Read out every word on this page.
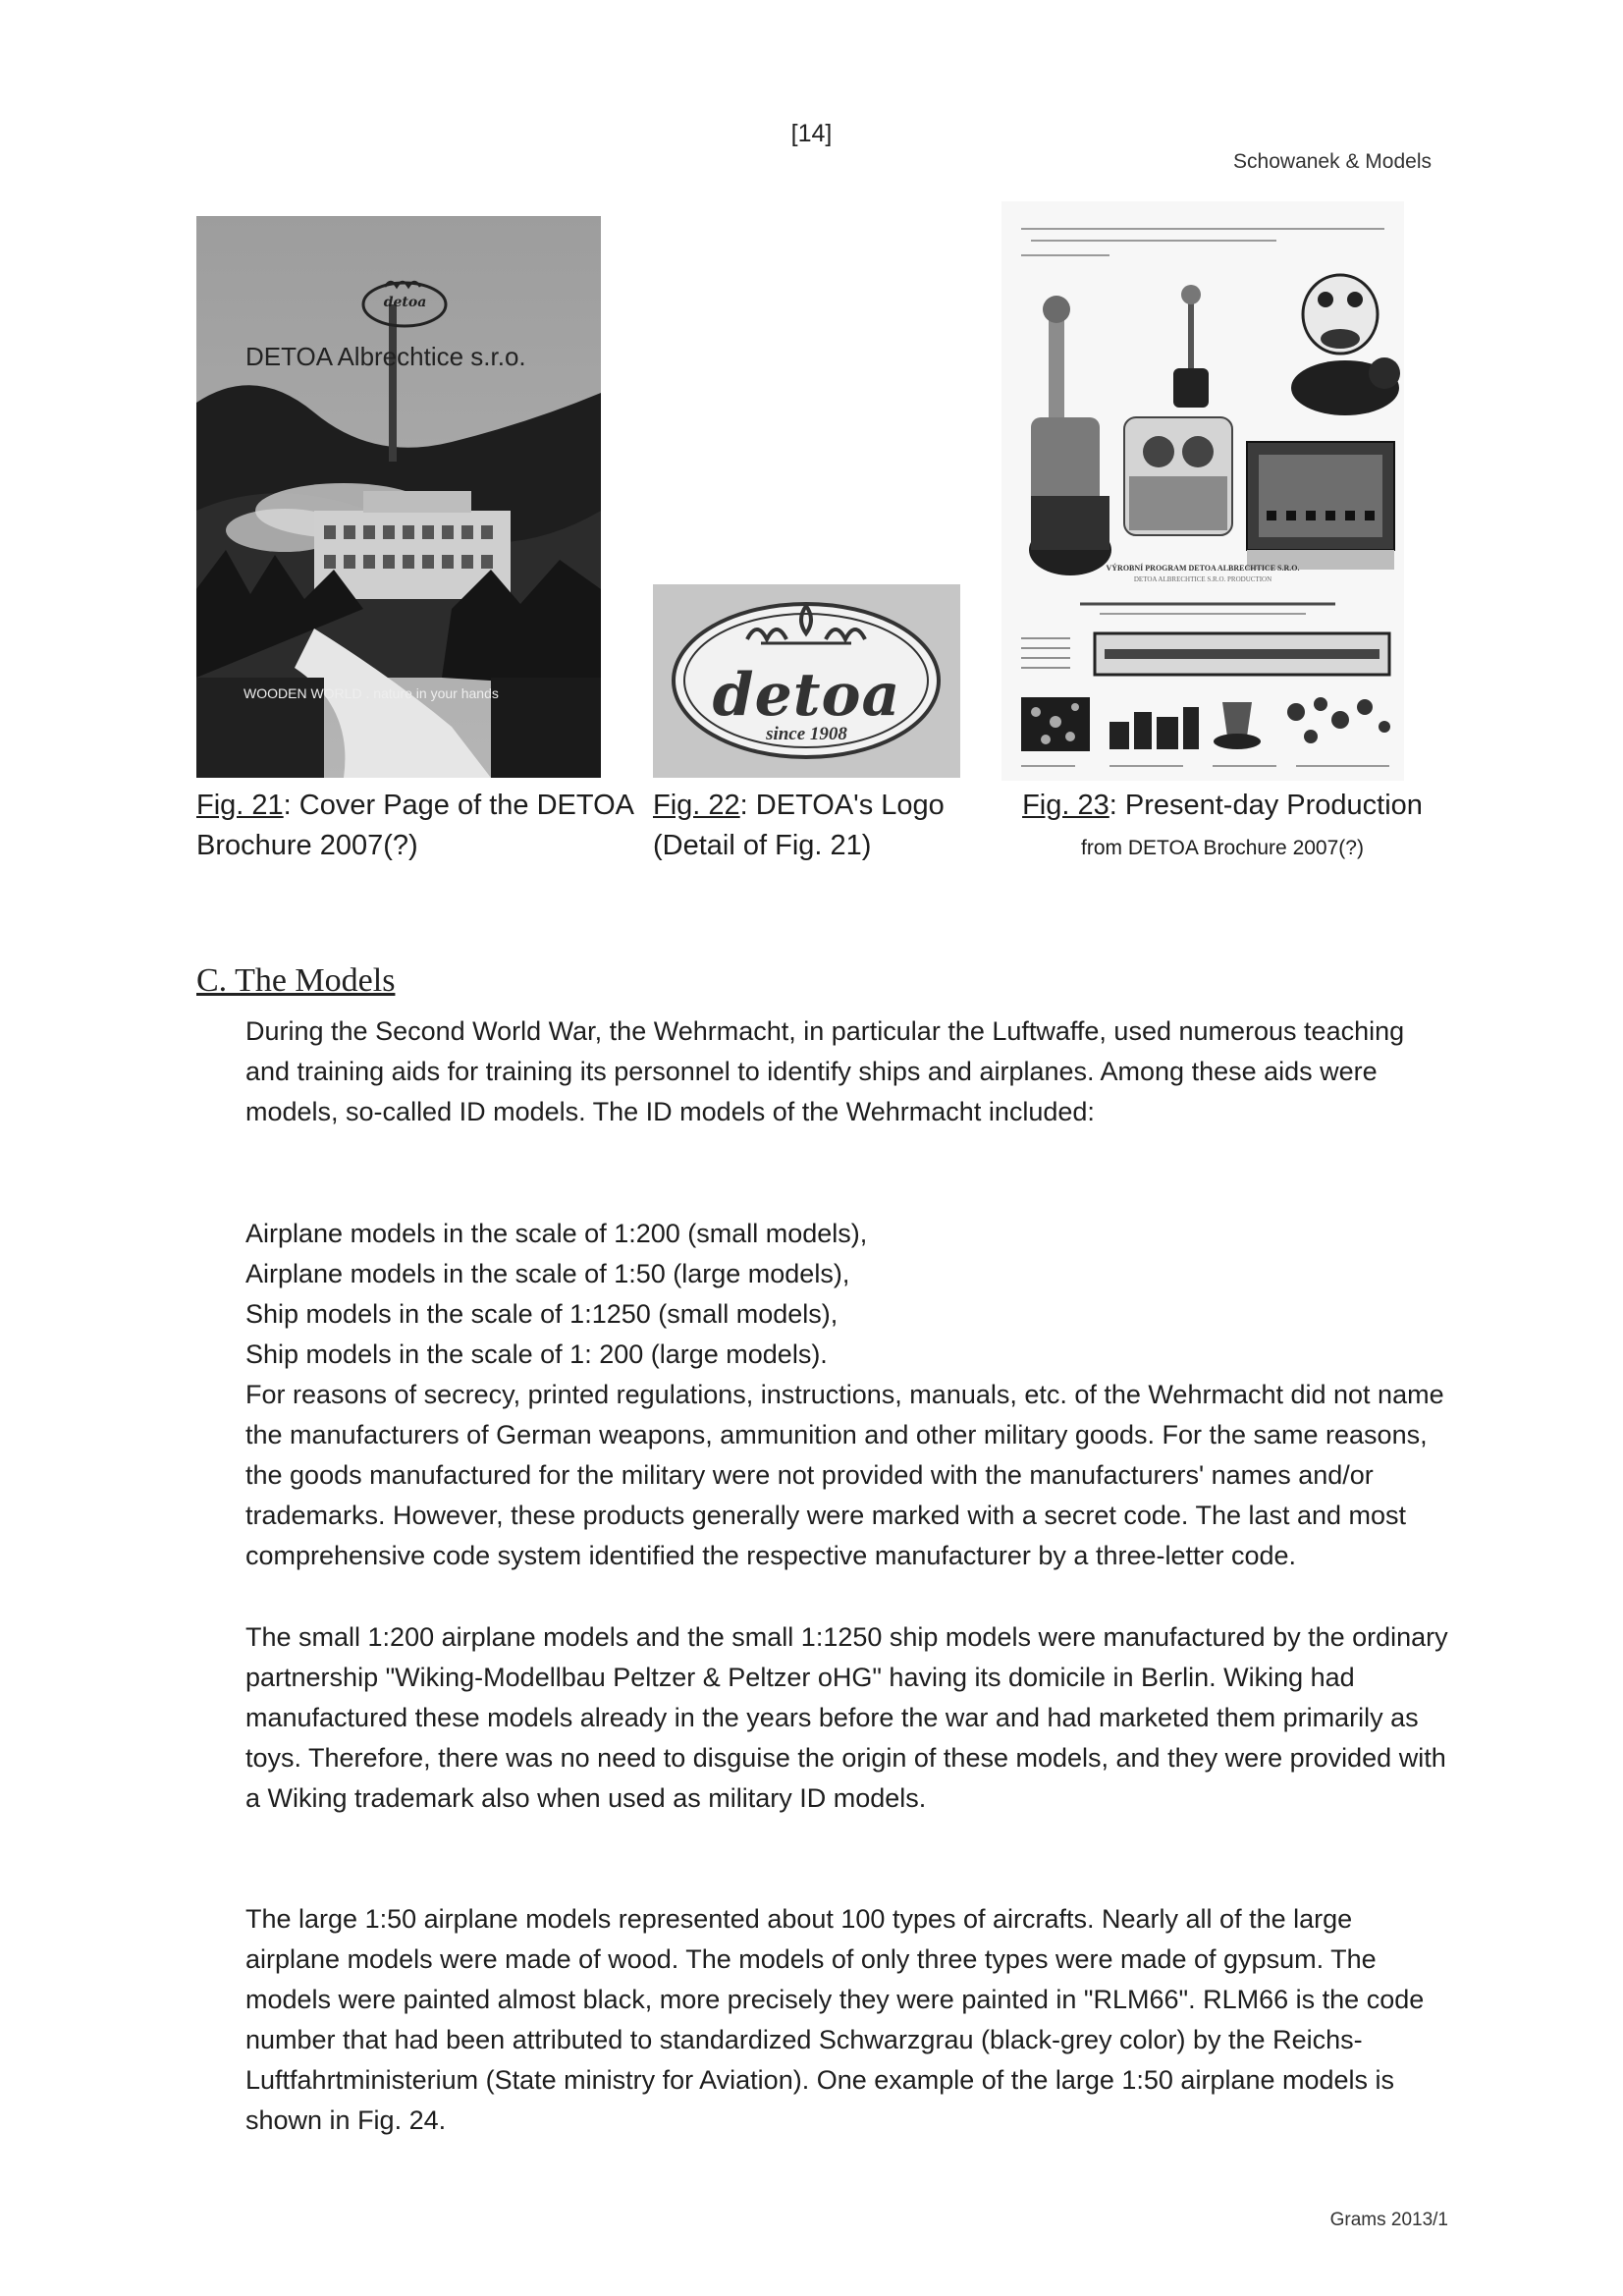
[14]
Schowanek & Models
detoa
DETOA Albrechtice s.r.o.
WOODEN WORLD . nature in your hands	detoa
since 1908
VÝROBNÍ PROGRAM DETOA ALBRECHTICE S.R.O.
DETOA ALBRECHTICE S.R.O. PRODUCTION
Fig. 21: Cover Page of the DETOA Brochure 2007(?)
Fig. 22: DETOA's Logo (Detail of Fig. 21)
Fig. 23: Present-day Production
from DETOA Brochure 2007(?)
C. The Models

During the Second World War, the Wehrmacht, in particular the Luftwaffe, used numerous teaching and training aids for training its personnel to identify ships and airplanes. Among these aids were models, so-called ID models. The ID models of the Wehrmacht included:

Airplane models in the scale of 1:200 (small models),
Airplane models in the scale of 1:50 (large models),
Ship models in the scale of 1:1250 (small models),
Ship models in the scale of 1: 200 (large models).

For reasons of secrecy, printed regulations, instructions, manuals, etc. of the Wehrmacht did not name the manufacturers of German weapons, ammunition and other military goods. For the same reasons, the goods manufactured for the military were not provided with the manufacturers' names and/or trademarks. However, these products generally were marked with a secret code. The last and most comprehensive code system identified the respective manufacturer by a three-letter code.

The small 1:200 airplane models and the small 1:1250 ship models were manufactured by the ordinary partnership "Wiking-Modellbau Peltzer & Peltzer oHG" having its domicile in Berlin. Wiking had manufactured these models already in the years before the war and had marketed them primarily as toys. Therefore, there was no need to disguise the origin of these models, and they were provided with a Wiking trademark also when used as military ID models.

The large 1:50 airplane models represented about 100 types of aircrafts. Nearly all of the large airplane models were made of wood. The models of only three types were made of gypsum. The models were painted almost black, more precisely they were painted in "RLM66". RLM66 is the code number that had been attributed to standardized Schwarzgrau (black-grey color) by the Reichs-Luftfahrtministerium (State ministry for Aviation). One example of the large 1:50 airplane models is shown in Fig. 24.

Grams 2013/1
